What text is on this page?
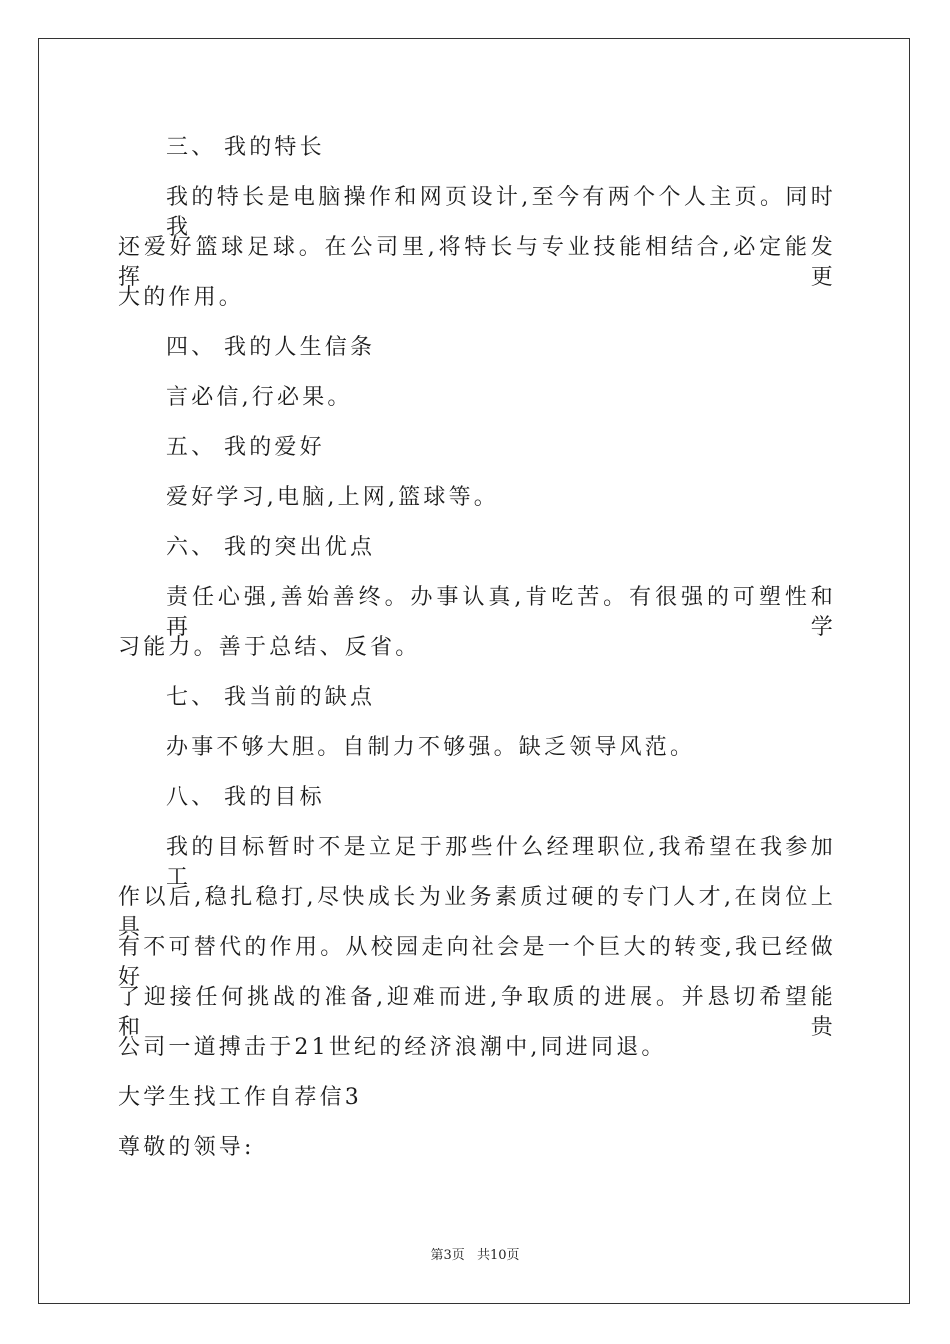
三、 我的特长
我的特长是电脑操作和网页设计,至今有两个个人主页。同时我
还爱好篮球足球。在公司里,将特长与专业技能相结合,必定能发挥更
大的作用。
四、 我的人生信条
言必信,行必果。
五、 我的爱好
爱好学习,电脑,上网,篮球等。
六、 我的突出优点
责任心强,善始善终。办事认真,肯吃苦。有很强的可塑性和再学
习能力。善于总结、反省。
七、 我当前的缺点
办事不够大胆。自制力不够强。缺乏领导风范。
八、 我的目标
我的目标暂时不是立足于那些什么经理职位,我希望在我参加工
作以后,稳扎稳打,尽快成长为业务素质过硬的专门人才,在岗位上具
有不可替代的作用。从校园走向社会是一个巨大的转变,我已经做好
了迎接任何挑战的准备,迎难而进,争取质的进展。并恳切希望能和贵
公司一道搏击于21世纪的经济浪潮中,同进同退。
大学生找工作自荐信3
尊敬的领导:
第3页 共10页
